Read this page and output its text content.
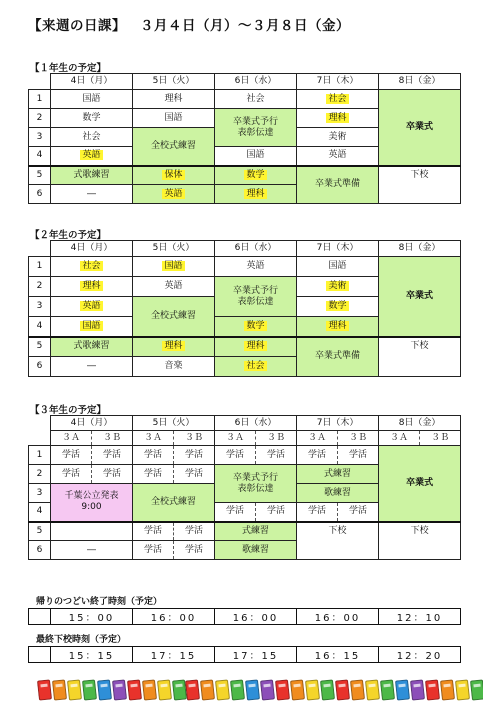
【来週の日課】 ３月４日（月）～３月８日（金）
【１年生の予定】
	4日（月）	5日（火）	6日（水）	7日（木）	8日（金）
1	国語	理科	社会	社会	卒業式
2	数学	国語	卒業式予行 表彰伝達	理科	
3	社会	全校式練習		美術	
4	英語		国語	英語	
5	式歌練習	保体	数学	卒業式準備	下校
6	―	英語	理科		
【２年生の予定】
	4日（月）	5日（火）	6日（水）	7日（木）	8日（金）
1	社会	国語	英語	国語	卒業式
2	理科	英語	卒業式予行 表彰伝達	美術	
3	英語	全校式練習		数学	
4	国語		数学	理科	
5	式歌練習	理科	理科	卒業式準備	下校
6	―	音楽	社会		
【３年生の予定】
	4日（月）		5日（火）		6日（水）		7日（木）		8日（金）	
	３Ａ	３Ｂ	３Ａ	３Ｂ	３Ａ	３Ｂ	３Ａ	３Ｂ	３Ａ	３Ｂ
1	学活	学活	学活	学活	学活	学活	学活	学活	卒業式	
2	学活	学活	学活	学活	卒業式予行 表彰伝達		式練習			
3	千葉公立発表 9:00		全校式練習				歌練習			
4					学活	学活	学活	学活		
5			学活	学活	式練習		下校		下校	
6	―		学活	学活	歌練習					
帰りのつどい終了時刻（予定）
	15：00	16：00	16：00	16：00	12：10
最終下校時刻（予定）
	15：15	17：15	17：15	16：15	12：20
